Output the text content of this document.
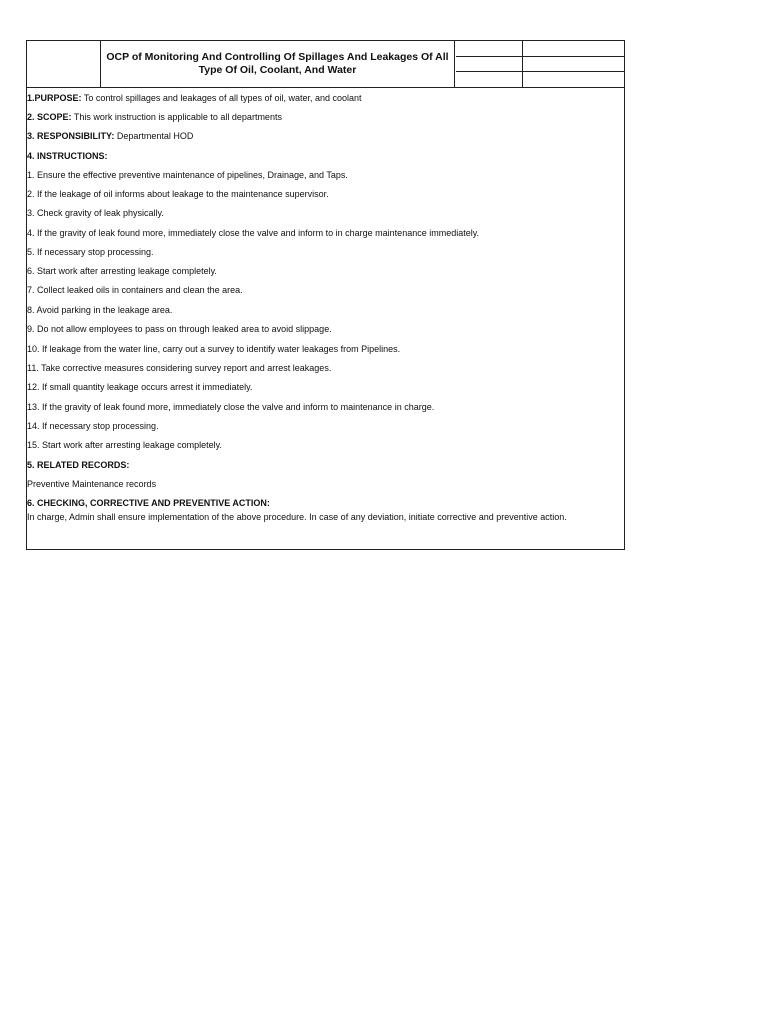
OCP of Monitoring And Controlling Of Spillages And Leakages Of All Type Of Oil, Coolant, And Water
1.PURPOSE: To control spillages and leakages of all types of oil, water, and coolant
2. SCOPE: This work instruction is applicable to all departments
3. RESPONSIBILITY: Departmental HOD
4. INSTRUCTIONS:
1. Ensure the effective preventive maintenance of pipelines, Drainage, and Taps.
2. If the leakage of oil informs about leakage to the maintenance supervisor.
3. Check gravity of leak physically.
4. If the gravity of leak found more, immediately close the valve and inform to in charge maintenance immediately.
5. If necessary stop processing.
6. Start work after arresting leakage completely.
7. Collect leaked oils in containers and clean the area.
8. Avoid parking in the leakage area.
9. Do not allow employees to pass on through leaked area to avoid slippage.
10. If leakage from the water line, carry out a survey to identify water leakages from Pipelines.
11. Take corrective measures considering survey report and arrest leakages.
12. If small quantity leakage occurs arrest it immediately.
13. If the gravity of leak found more, immediately close the valve and inform to maintenance in charge.
14. If necessary stop processing.
15. Start work after arresting leakage completely.
5. RELATED RECORDS:
Preventive Maintenance records
6. CHECKING, CORRECTIVE AND PREVENTIVE ACTION:
In charge, Admin shall ensure implementation of the above procedure. In case of any deviation, initiate corrective and preventive action.
